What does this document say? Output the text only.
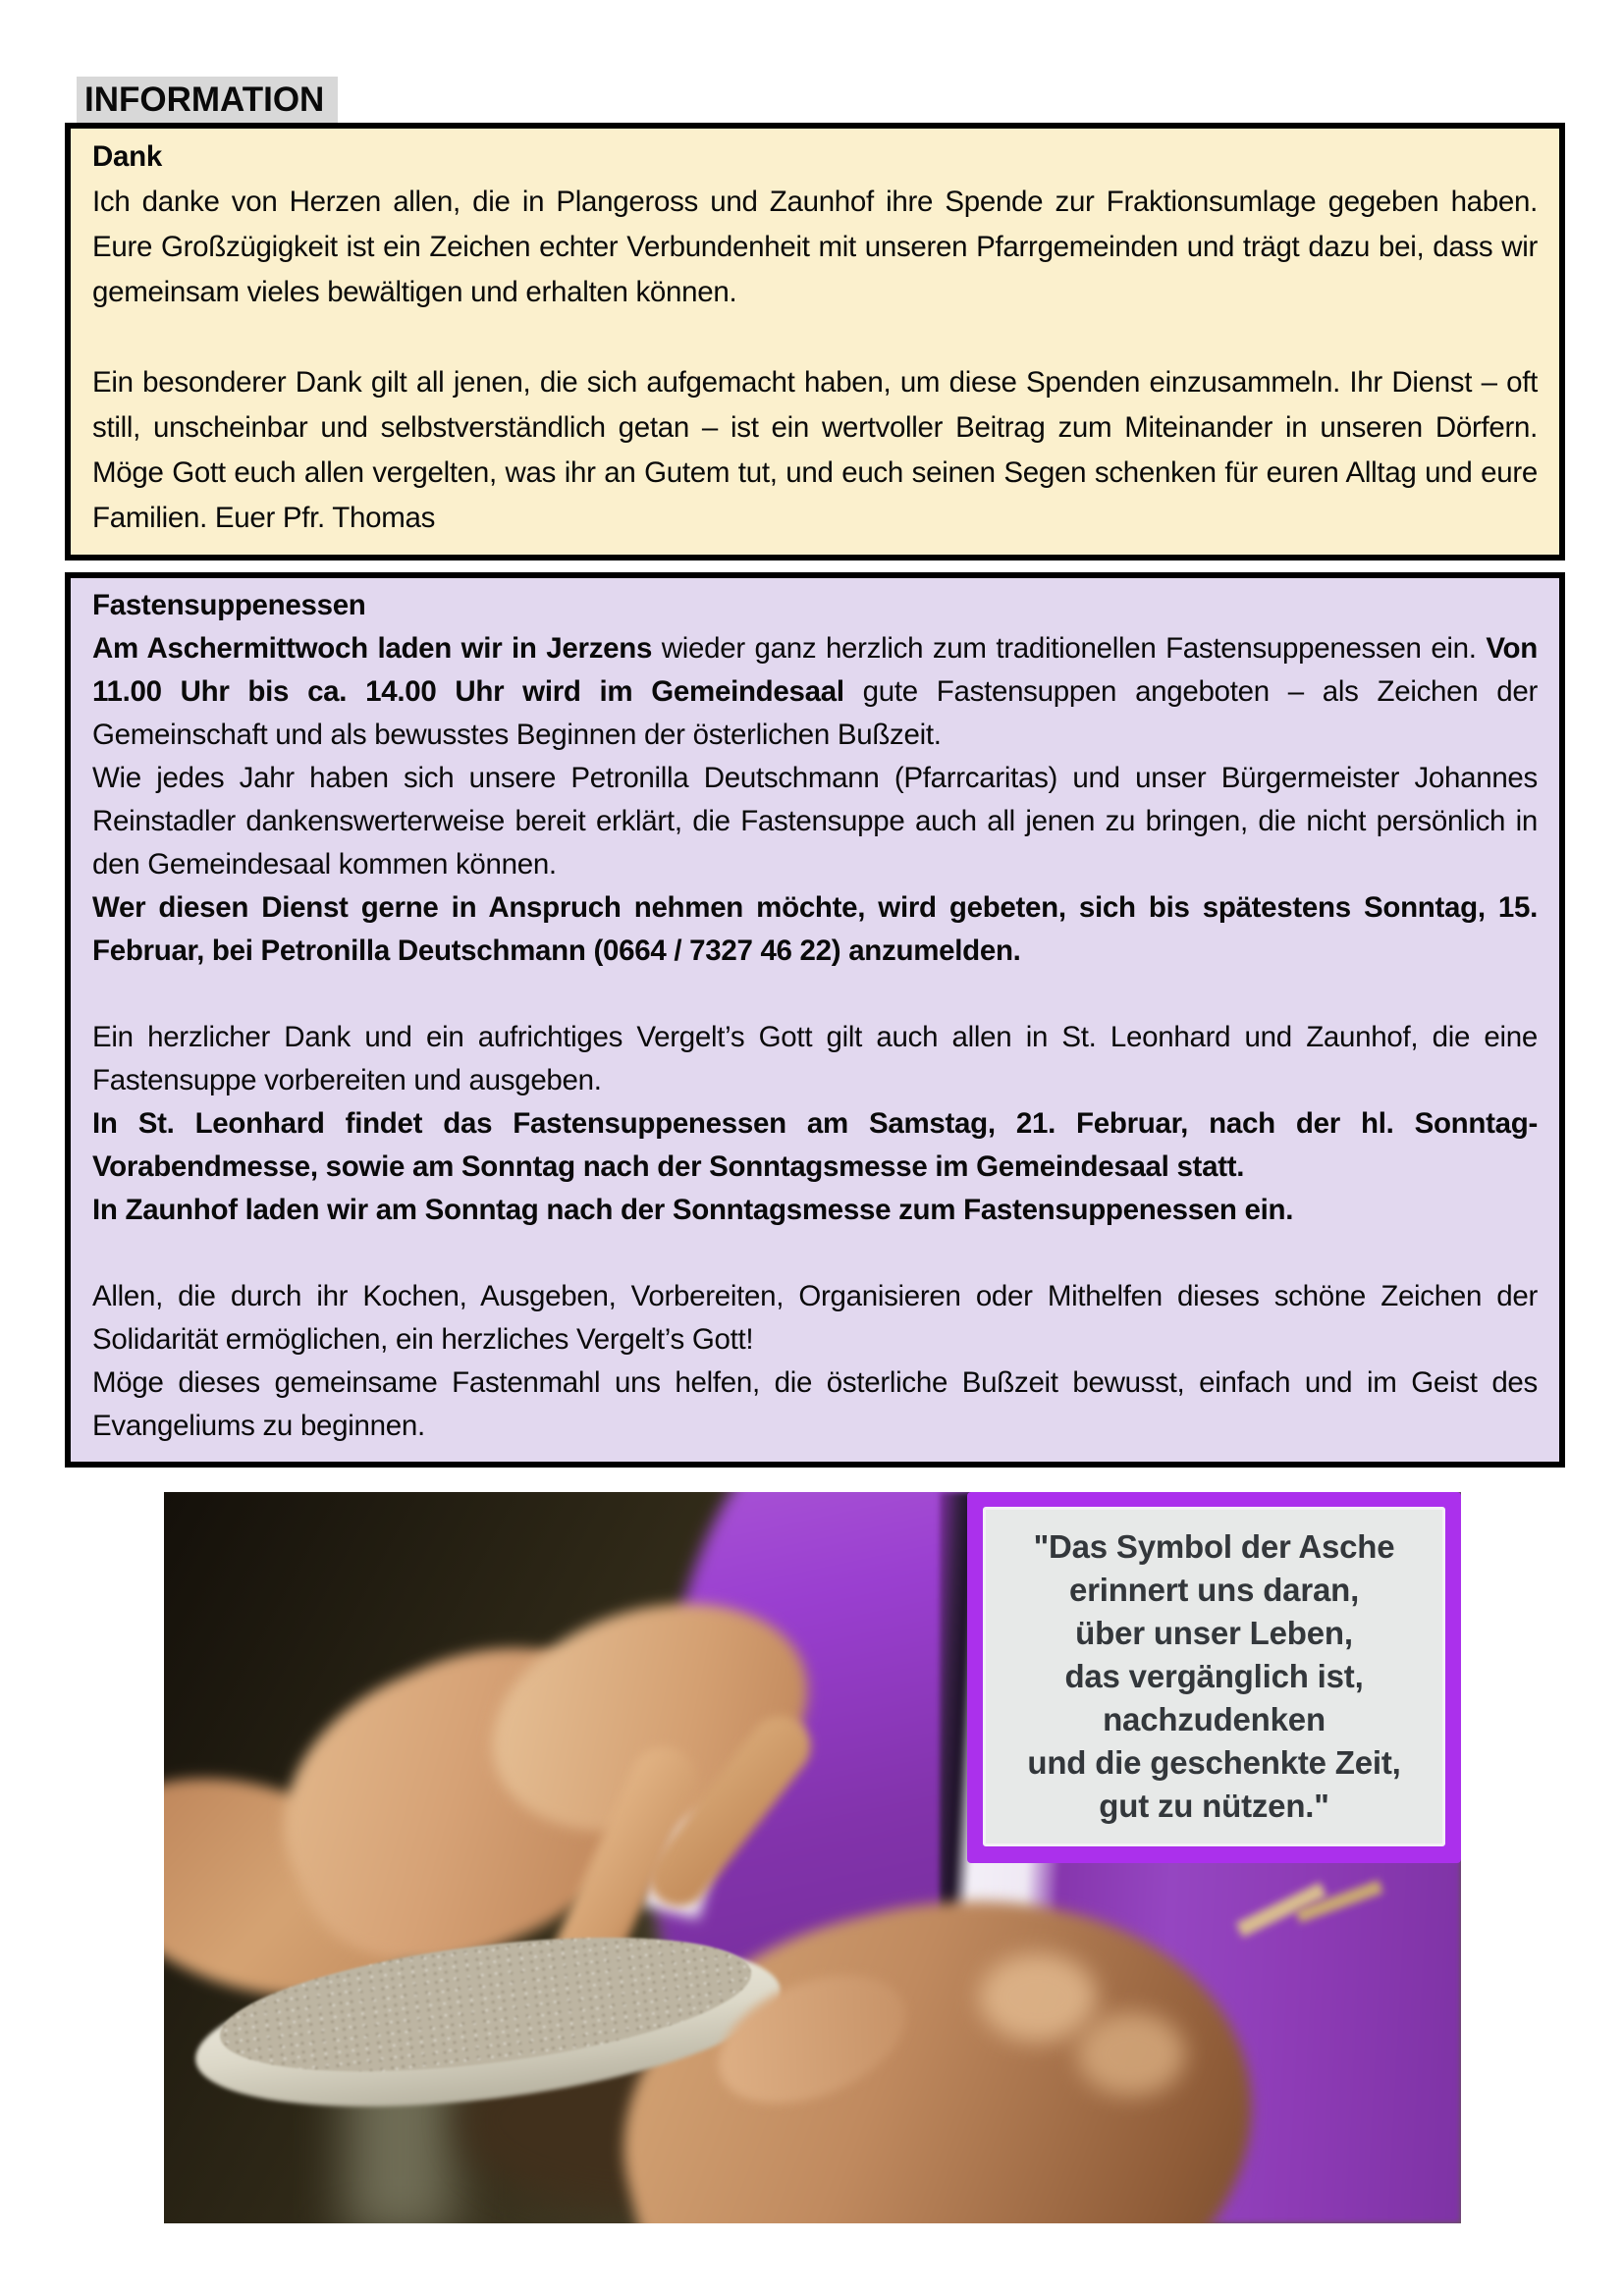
INFORMATION
Dank

Ich danke von Herzen allen, die in Plangeross und Zaunhof ihre Spende zur Fraktionsumlage gegeben haben. Eure Großzügigkeit ist ein Zeichen echter Verbundenheit mit unseren Pfarrgemeinden und trägt dazu bei, dass wir gemeinsam vieles bewältigen und erhalten können.

Ein besonderer Dank gilt all jenen, die sich aufgemacht haben, um diese Spenden einzusammeln. Ihr Dienst – oft still, unscheinbar und selbstverständlich getan – ist ein wertvoller Beitrag zum Miteinander in unseren Dörfern. Möge Gott euch allen vergelten, was ihr an Gutem tut, und euch seinen Segen schenken für euren Alltag und eure Familien. Euer Pfr. Thomas

Fastensuppenessen

Am Aschermittwoch laden wir in Jerzens wieder ganz herzlich zum traditionellen Fastensuppenessen ein. Von 11.00 Uhr bis ca. 14.00 Uhr wird im Gemeindesaal gute Fastensuppen angeboten – als Zeichen der Gemeinschaft und als bewusstes Beginnen der österlichen Bußzeit.

Wie jedes Jahr haben sich unsere Petronilla Deutschmann (Pfarrcaritas) und unser Bürgermeister Johannes Reinstadler dankenswerterweise bereit erklärt, die Fastensuppe auch all jenen zu bringen, die nicht persönlich in den Gemeindesaal kommen können.

Wer diesen Dienst gerne in Anspruch nehmen möchte, wird gebeten, sich bis spätestens Sonntag, 15. Februar, bei Petronilla Deutschmann (0664 / 7327 46 22) anzumelden.

Ein herzlicher Dank und ein aufrichtiges Vergelt’s Gott gilt auch allen in St. Leonhard und Zaunhof, die eine Fastensuppe vorbereiten und ausgeben.

In St. Leonhard findet das Fastensuppenessen am Samstag, 21. Februar, nach der hl. Sonntag-Vorabendmesse, sowie am Sonntag nach der Sonntagsmesse im Gemeindesaal statt.

In Zaunhof laden wir am Sonntag nach der Sonntagsmesse zum Fastensuppenessen ein.

Allen, die durch ihr Kochen, Ausgeben, Vorbereiten, Organisieren oder Mithelfen dieses schöne Zeichen der Solidarität ermöglichen, ein herzliches Vergelt’s Gott!

Möge dieses gemeinsame Fastenmahl uns helfen, die österliche Bußzeit bewusst, einfach und im Geist des Evangeliums zu beginnen.

"Das Symbol der Asche
erinnert uns daran,
über unser Leben,
das vergänglich ist,
nachzudenken
und die geschenkte Zeit,
gut zu nützen."
